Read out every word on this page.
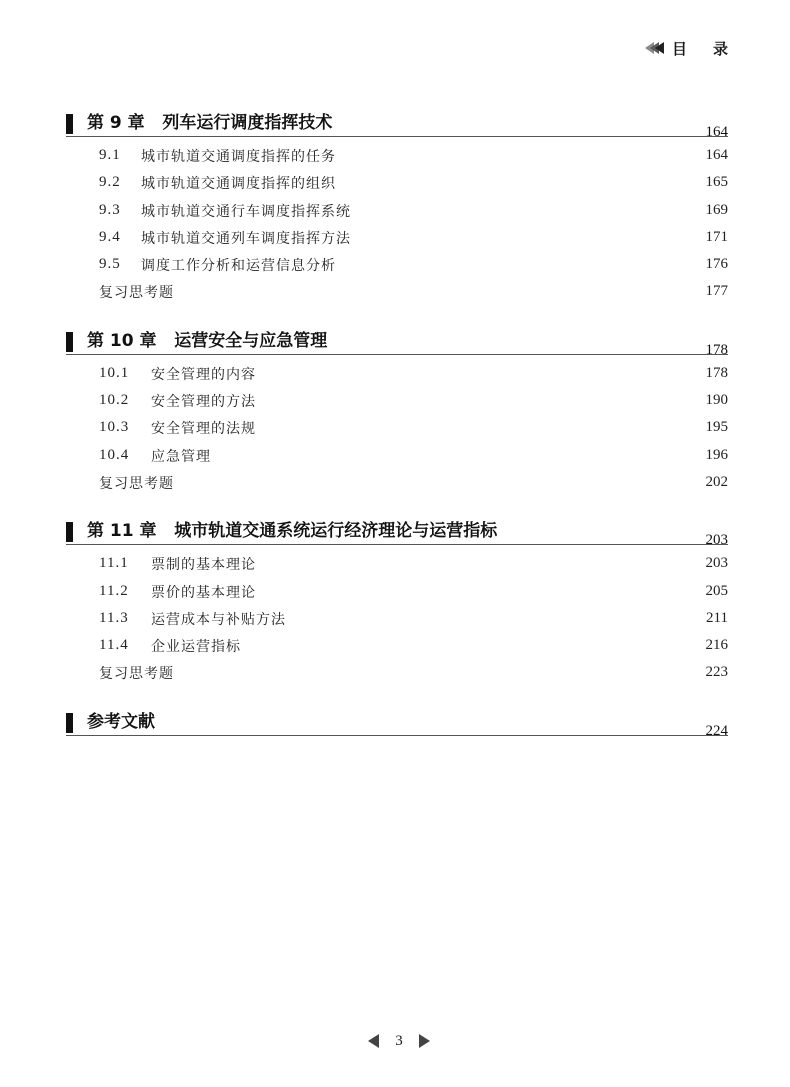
目录
第 9 章   列车运行调度指挥技术	164
9.1 城市轨道交通调度指挥的任务	164
9.2 城市轨道交通调度指挥的组织	165
9.3 城市轨道交通行车调度指挥系统	169
9.4 城市轨道交通列车调度指挥方法	171
9.5 调度工作分析和运营信息分析	176
复习思考题	177
第 10 章   运营安全与应急管理	178
10.1 安全管理的内容	178
10.2 安全管理的方法	190
10.3 安全管理的法规	195
10.4 应急管理	196
复习思考题	202
第 11 章   城市轨道交通系统运行经济理论与运营指标	203
11.1 票制的基本理论	203
11.2 票价的基本理论	205
11.3 运营成本与补贴方法	211
11.4 企业运营指标	216
复习思考题	223
参考文献	224
3
